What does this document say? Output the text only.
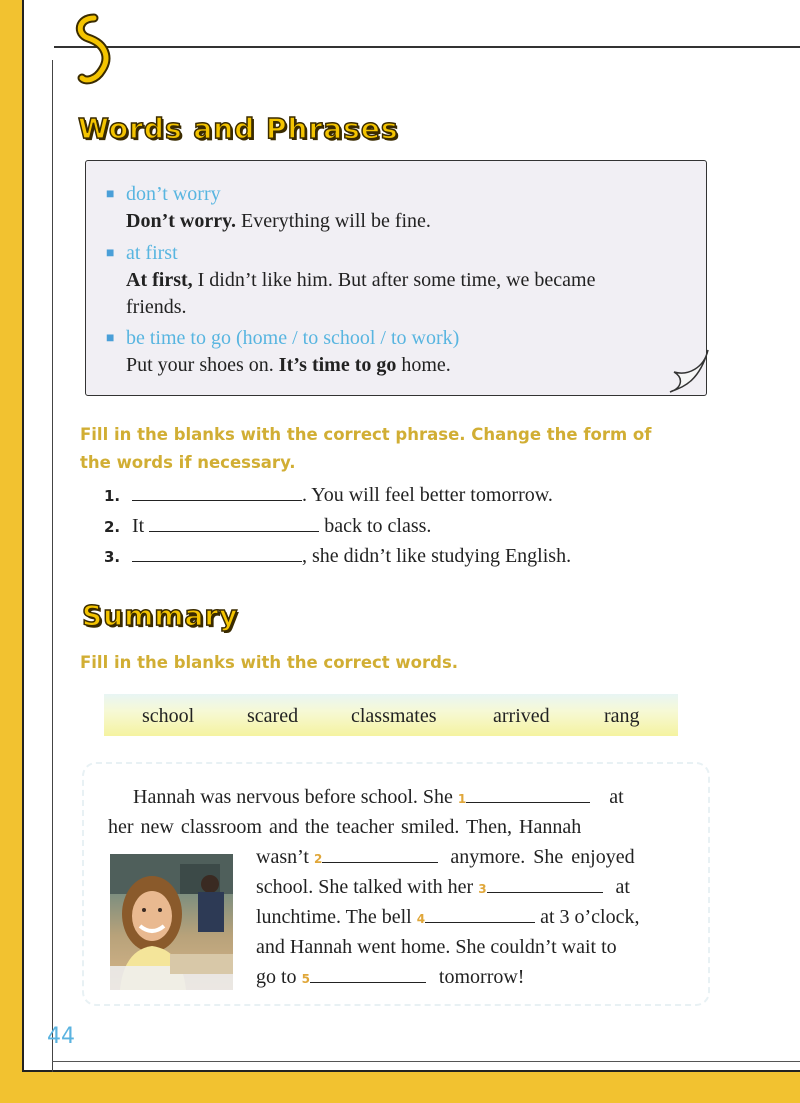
Words and Phrases
■ don’t worry
Don’t worry. Everything will be fine.
■ at first
At first, I didn’t like him. But after some time, we became
friends.
■ be time to go (home / to school / to work)
Put your shoes on. It’s time to go home.
Fill in the blanks with the correct phrase. Change the form of
the words if necessary.
1.	. You will feel better tomorrow.
2. It	back to class.
3.	, she didn’t like studying English.
Summary
Fill in the blanks with the correct words.
school	scared	classmates	arrived	rang
Hannah was nervous before school. She 1	at
her new classroom and the teacher smiled. Then, Hannah
wasn’t 2	anymore. She enjoyed
school. She talked with her 3	at
lunchtime. The bell 4	at 3 o’clock,
and Hannah went home. She couldn’t wait to
go to 5	tomorrow!
44
